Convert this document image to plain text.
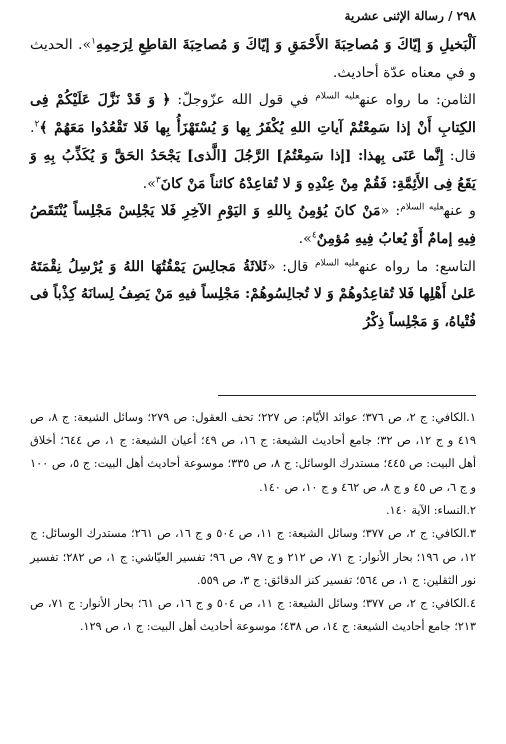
٢٩٨ / رسالة الإثنى عشرية

اَلْبَخيلِ وَ إيّاكَ وَ مُصاحِبَةَ الأَحْمَقِ وَ إيّاكَ وَ مُصاحِبَةَ القاطِعِ لِرَحِمِهِ$^١$». الحديث و في معناه عدّة أحاديث.

الثامن: ما رواه عنه$^{عليه السلام}$ في قول الله عزّوجلّ: ﴿ وَ قَدْ نَزَّلَ عَلَيْكُمْ فِى الكِتابِ أَنْ إذا سَمِعْتُمْ آياتِ اللهِ يُكْفَرُ بِها وَ يُسْتَهْزَأُ بِها فَلا تَقْعُدُوا مَعَهُمْ ﴾$^٢$. قال: إِنَّما عَنَى بِهذا: [إذا سَمِعْتُمُ] الرَّجُلَ [الَّذى] يَجْحَدُ الحَقَّ وَ يُكَذِّبُ بِهِ وَ يَقَعُ فِى الأَئِمَّةِ: فَقُمْ مِنْ عِنْدِهِ وَ لا تُقاعِدْهُ كائناً مَنْ كانَ$^٣$».

و عنه$^{عليه السلام}$: «مَنْ كانَ يُؤمِنُ بِاللهِ وَ اليَوْمِ الآخِرِ فَلا يَجْلِسْ مَجْلِساً يُنْتَقَصُ فِيهِ إمامٌ أَوْ يُعابُ فِيهِ مُؤمِنٌ$^٤$».

التاسع: ما رواه عنه$^{عليه السلام}$ قال: «ثَلاثَةُ مَجالِسَ يَمْقُتُهَا اللهُ وَ يُرْسِلُ نِقْمَتَهُ عَلىٰ أَهْلِها فَلا تُقاعِدُوهُمْ وَ لا تُجالِسُوهُمْ: مَجْلِساً فيهِ مَنْ يَصِفُ لِسانَهُ كِذْباً فى فُتْياهُ، وَ مَجْلِساً ذِكْرُ

١.الكافي: ج ٢، ص ٣٧٦؛ عوائد الأيّام: ص ٢٢٧؛ تحف العقول: ص ٢٧٩؛ وسائل الشيعة: ج ٨، ص ٤١٩ و ج ١٢، ص ٣٢؛ جامع أحاديث الشيعة: ج ١٦، ص ٤٩؛ أعيان الشيعة: ج ١، ص ٦٤٤؛ أخلاق أهل البيت: ص ٤٤٥؛ مستدرك الوسائل: ج ٨، ص ٣٣٥؛ موسوعة أحاديث أهل البيت: ج ٥، ص ١٠٠ و ج ٦، ص ٤٥ و ج ٨، ص ٤٦٢ و ج ١٠، ص ١٤٠.

٢.النساء: الآية ١٤٠.

٣.الكافي: ج ٢، ص ٣٧٧؛ وسائل الشيعة: ج ١١، ص ٥٠٤ و ج ١٦، ص ٢٦١؛ مستدرك الوسائل: ج ١٢، ص ١٩٦؛ بحار الأنوار: ج ٧١، ص ٢١٢ و ج ٩٧، ص ٩٦؛ تفسير العيّاشي: ج ١، ص ٢٨٢؛ تفسير نور الثقلين: ج ١، ص ٥٦٤؛ تفسير كنز الدقائق: ج ٣، ص ٥٥٩.

٤.الكافي: ج ٢، ص ٣٧٧؛ وسائل الشيعة: ج ١١، ص ٥٠٤ و ج ١٦، ص ٦١؛ بحار الأنوار: ج ٧١، ص ٢١٣؛ جامع أحاديث الشيعة: ج ١٤، ص ٤٣٨؛ موسوعة أحاديث أهل البيت: ج ١، ص ١٢٩.
